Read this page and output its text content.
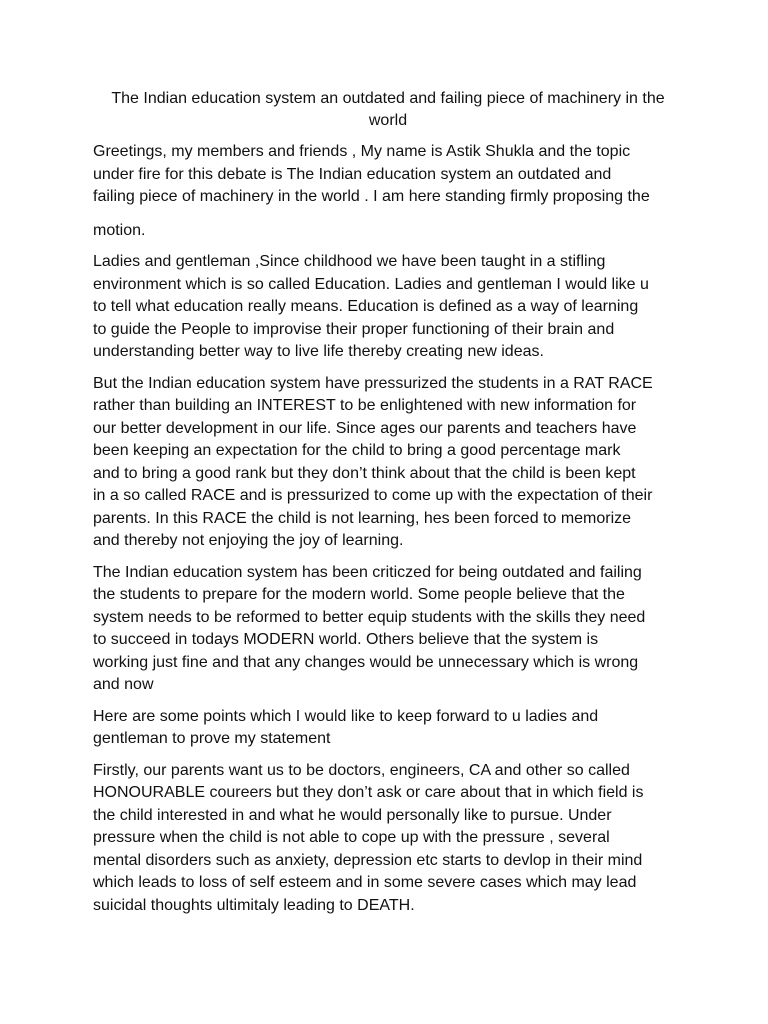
The Indian education system an outdated and failing piece of machinery in the world
Greetings, my members and friends , My name is Astik Shukla and the topic
under fire for this debate is The Indian education system an outdated and
failing piece of machinery in the world . I am here standing firmly proposing the
motion.
Ladies and gentleman ,Since childhood we have been taught in a stifling
environment which is so called Education. Ladies and gentleman I would like u
to tell what education really means. Education is defined as a way of learning
to guide the People to improvise their proper functioning of their brain and
understanding better way to live life thereby creating new ideas.
But the Indian education system have pressurized the students in a RAT RACE
rather than building an INTEREST to be enlightened with new information for
our better development in our life. Since ages our parents and teachers have
been keeping an expectation for the child to bring a good percentage mark
and to bring a good rank but they don’t think about that the child is been kept
in a so called RACE and is pressurized to come up with the expectation of their
parents. In this RACE the child is not learning, hes been forced to memorize
and thereby not enjoying the joy of learning.
The Indian education system has been criticzed for being outdated and failing
the students to prepare for the modern world. Some people believe that the
system needs to be reformed to better equip students with the skills they need
to succeed in todays MODERN world. Others believe that the system is
working just fine and that any changes would be unnecessary which is wrong
and now
Here are some points which I would like to keep forward to u ladies and
gentleman to prove my statement
Firstly, our parents want us to be doctors, engineers, CA and other so called
HONOURABLE coureers but they don’t ask or care about that in which field is
the child interested in and what he would personally like to pursue. Under
pressure when the child is not able to cope up with the pressure , several
mental disorders such as anxiety, depression etc starts to devlop in their mind
which leads to loss of self esteem and in some severe cases which may lead
suicidal thoughts ultimitaly leading to DEATH.
